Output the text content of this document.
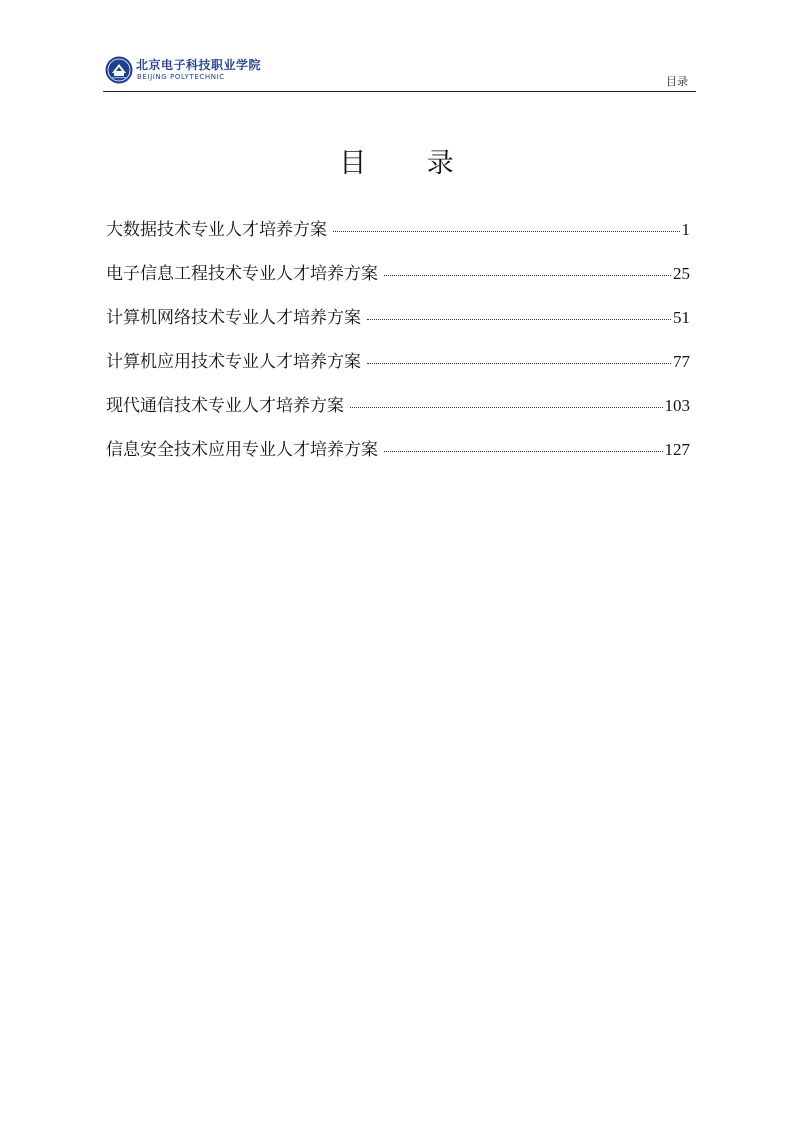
北京电子科技职业学院
BEIJING POLYTECHNIC	目录
目 录
大数据技术专业人才培养方案	1
电子信息工程技术专业人才培养方案	25
计算机网络技术专业人才培养方案	51
计算机应用技术专业人才培养方案	77
现代通信技术专业人才培养方案	103
信息安全技术应用专业人才培养方案	127
